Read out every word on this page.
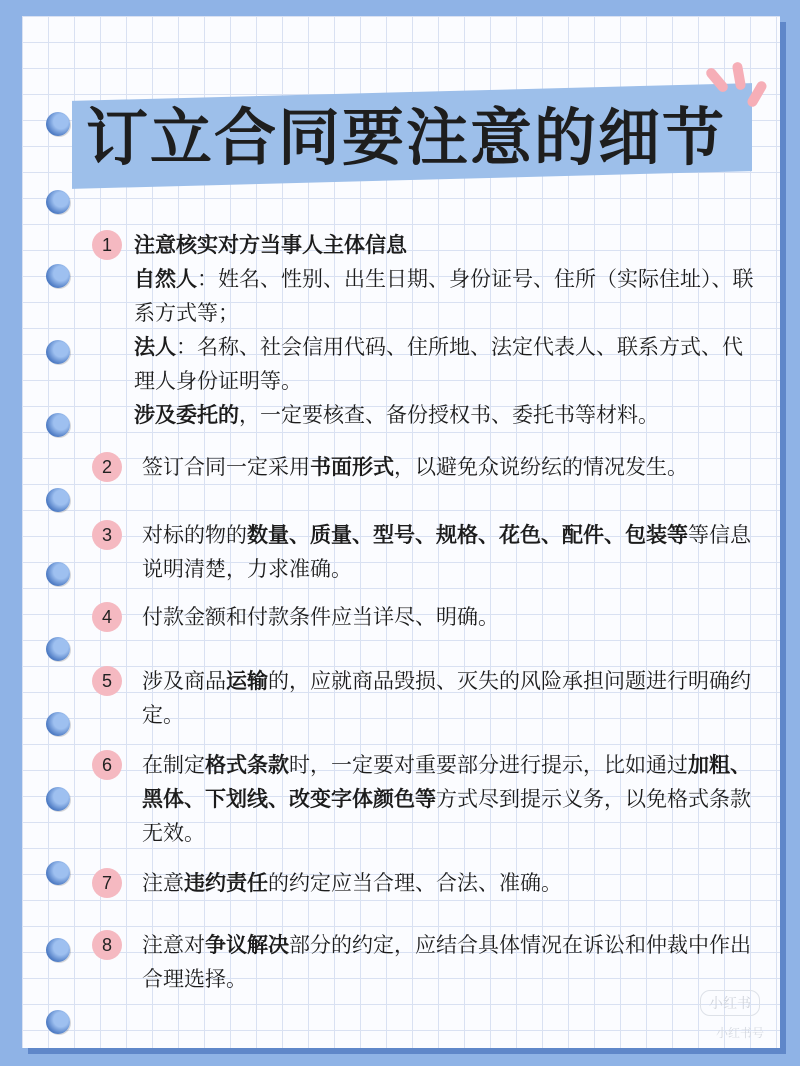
订立合同要注意的细节
1	注意核实对方当事人主体信息
自然人：姓名、性别、出生日期、身份证号、住所（实际住址）、联系方式等；
法人：名称、社会信用代码、住所地、法定代表人、联系方式、代理人身份证明等。
涉及委托的，一定要核查、备份授权书、委托书等材料。

2	签订合同一定采用书面形式，以避免众说纷纭的情况发生。

3	对标的物的数量、质量、型号、规格、花色、配件、包装等等信息说明清楚，力求准确。

4	付款金额和付款条件应当详尽、明确。

5	涉及商品运输的，应就商品毁损、灭失的风险承担问题进行明确约定。

6	在制定格式条款时，一定要对重要部分进行提示，比如通过加粗、黑体、下划线、改变字体颜色等方式尽到提示义务，以免格式条款无效。

7	注意违约责任的约定应当合理、合法、准确。

8	注意对争议解决部分的约定，应结合具体情况在诉讼和仲裁中作出合理选择。

小红书
小红书号
